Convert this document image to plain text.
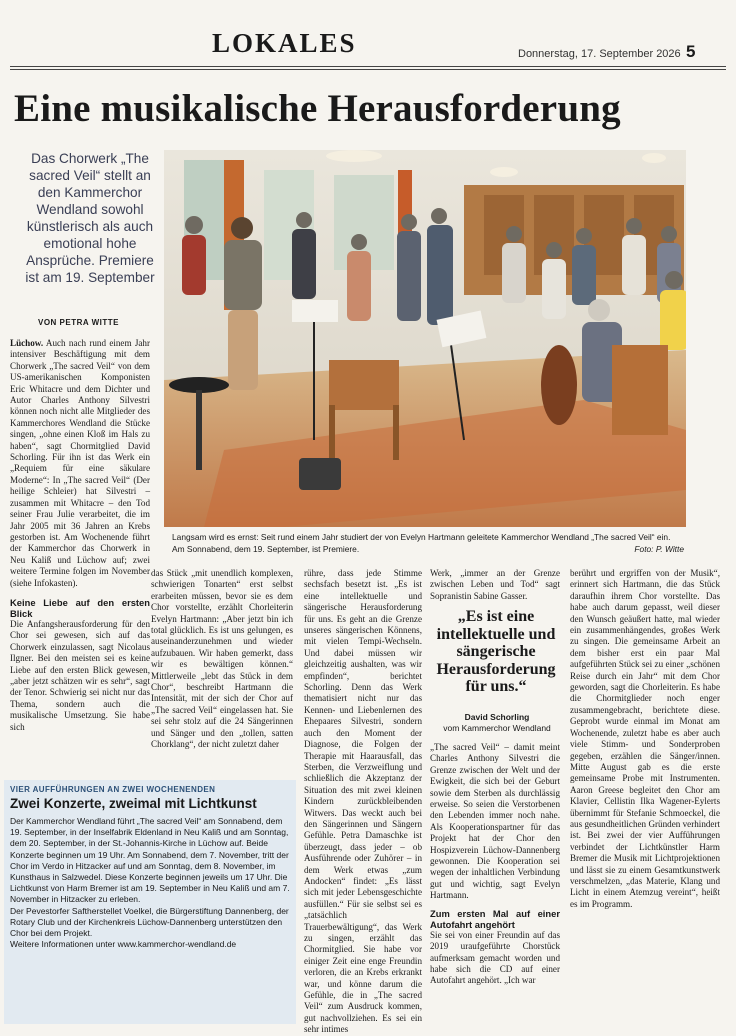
LOKALES	Donnerstag, 17. September 2026 5
Eine musikalische Herausforderung
Das Chorwerk „The sacred Veil“ stellt an den Kammerchor Wendland sowohl künstlerisch als auch emotional hohe Ansprüche. Premiere ist am 19. September
Langsam wird es ernst: Seit rund einem Jahr studiert der von Evelyn Hartmann geleitete Kammerchor Wendland „The sacred Veil“ ein. Am Sonnabend, dem 19. September, ist Premiere.	Foto: P. Witte
VON PETRA WITTE

Lüchow. Auch nach rund einem Jahr intensiver Beschäftigung mit dem Chorwerk „The sacred Veil“ von dem US-amerikanischen Komponisten Eric Whitacre und dem Dichter und Autor Charles Anthony Silvestri können noch nicht alle Mitglieder des Kammerchores Wendland die Stücke singen, „ohne einen Kloß im Hals zu haben“, sagt Chormitglied David Schorling. Für ihn ist das Werk ein „Requiem für eine säkulare Moderne“: In „The sacred Veil“ (Der heilige Schleier) hat Silvestri – zusammen mit Whitacre – den Tod seiner Frau Julie verarbeitet, die im Jahr 2005 mit 36 Jahren an Krebs gestorben ist. Am Wochenende führt der Kammerchor das Chorwerk in Neu Kaliß und Lüchow auf; zwei weitere Termine folgen im November (siehe Infokasten).

Keine Liebe auf den ersten Blick

Die Anfangsherausforderung für den Chor sei gewesen, sich auf das Chorwerk einzulassen, sagt Nicolaus Ilgner. Bei den meisten sei es keine Liebe auf den ersten Blick gewesen, „aber jetzt schätzen wir es sehr“, sagt der Tenor. Schwierig sei nicht nur das Thema, sondern auch die musikalische Umsetzung. Sie habe sich

das Stück „mit unendlich komplexen, schwierigen Tonarten“ erst selbst erarbeiten müssen, bevor sie es dem Chor vorstellte, erzählt Chorleiterin Evelyn Hartmann: „Aber jetzt bin ich total glücklich. Es ist uns gelungen, es auseinanderzunehmen und wieder aufzubauen. Wir haben gemerkt, dass wir es bewältigen können.“ Mittlerweile „lebt das Stück in dem Chor“, beschreibt Hartmann die Intensität, mit der sich der Chor auf „The sacred Veil“ eingelassen hat. Sie sei sehr stolz auf die 24 Sängerinnen und Sänger und den „tollen, satten Chorklang“, der nicht zuletzt daher

rühre, dass jede Stimme sechsfach besetzt ist. „Es ist eine intellektuelle und sängerische Herausforderung für uns. Es geht an die Grenze unseres sängerischen Könnens, mit vielen Tempi-Wechseln. Und dabei müssen wir gleichzeitig aushalten, was wir empfinden“, berichtet Schorling. Denn das Werk thematisiert nicht nur das Kennen- und Liebenlernen des Ehepaares Silvestri, sondern auch den Moment der Diagnose, die Folgen der Therapie mit Haarausfall, das Sterben, die Verzweiflung und schließlich die Akzeptanz der Situation des mit zwei kleinen Kindern zurückbleibenden Witwers. Das weckt auch bei den Sängerinnen und Sängern Gefühle. Petra Damaschke ist überzeugt, dass jeder – ob Ausführende oder Zuhörer – in dem Werk etwas „zum Andocken“ findet: „Es lässt sich mit jeder Lebensgeschichte ausfüllen.“ Für sie selbst sei es „tatsächlich Trauerbewältigung“, das Werk zu singen, erzählt das Chormitglied. Sie habe vor einiger Zeit eine enge Freundin verloren, die an Krebs erkrankt war, und könne darum die Gefühle, die in „The sacred Veil“ zum Ausdruck kommen, gut nachvollziehen. Es sei ein sehr intimes

Werk, „immer an der Grenze zwischen Leben und Tod“ sagt Sopranistin Sabine Gasser.

„Es ist eine intellektuelle und sängerische Herausforderung für uns.“
David Schorling
vom Kammerchor Wendland

„The sacred Veil“ – damit meint Charles Anthony Silvestri die Grenze zwischen der Welt und der Ewigkeit, die sich bei der Geburt sowie dem Sterben als durchlässig erweise. So seien die Verstorbenen den Lebenden immer noch nahe. Als Kooperationspartner für das Projekt hat der Chor den Hospizverein Lüchow-Dannenberg gewonnen. Die Kooperation sei wegen der inhaltlichen Verbindung gut und wichtig, sagt Evelyn Hartmann.

Zum ersten Mal auf einer Autofahrt angehört

Sie sei von einer Freundin auf das 2019 uraufgeführte Chorstück aufmerksam gemacht worden und habe sich die CD auf einer Autofahrt angehört. „Ich war

berührt und ergriffen von der Musik“, erinnert sich Hartmann, die das Stück daraufhin ihrem Chor vorstellte. Das habe auch darum gepasst, weil dieser den Wunsch geäußert hatte, mal wieder ein zusammenhängendes, großes Werk zu singen. Die gemeinsame Arbeit an dem bisher erst ein paar Mal aufgeführten Stück sei zu einer „schönen Reise durch ein Jahr“ mit dem Chor geworden, sagt die Chorleiterin. Es habe die Chormitglieder noch enger zusammengebracht, berichtete diese. Geprobt wurde einmal im Monat am Wochenende, zuletzt habe es aber auch viele Stimm- und Sonderproben gegeben, erzählen die Sänger/innen. Mitte August gab es die erste gemeinsame Probe mit Instrumenten. Aaron Greese begleitet den Chor am Klavier, Cellistin Ilka Wagener-Eylerts übernimmt für Stefanie Schmoeckel, die aus gesundheitlichen Gründen verhindert ist. Bei zwei der vier Aufführungen verbindet der Lichtkünstler Harm Bremer die Musik mit Lichtprojektionen und lässt sie zu einem Gesamtkunstwerk verschmelzen, „das Materie, Klang und Licht in einem Atemzug vereint“, heißt es im Programm.

VIER AUFFÜHRUNGEN AN ZWEI WOCHENENDEN
Zwei Konzerte, zweimal mit Lichtkunst

Der Kammerchor Wendland führt „The sacred Veil“ am Sonnabend, dem 19. September, in der Inselfabrik Eldenland in Neu Kaliß und am Sonntag, dem 20. September, in der St.-Johannis-Kirche in Lüchow auf. Beide Konzerte beginnen um 19 Uhr. Am Sonnabend, dem 7. November, tritt der Chor im Verdo in Hitzacker auf und am Sonntag, dem 8. November, im Kunsthaus in Salzwedel. Diese Konzerte beginnen jeweils um 17 Uhr. Die Lichtkunst von Harm Bremer ist am 19. September in Neu Kaliß und am 7. November in Hitzacker zu erleben.

Der Pevestorfer Saftherstellet Voelkel, die Bürgerstiftung Dannenberg, der Rotary Club und der Kirchenkreis Lüchow-Dannenberg unterstützen den Chor bei dem Projekt.

Weitere Informationen unter www.kammerchor-wendland.de
